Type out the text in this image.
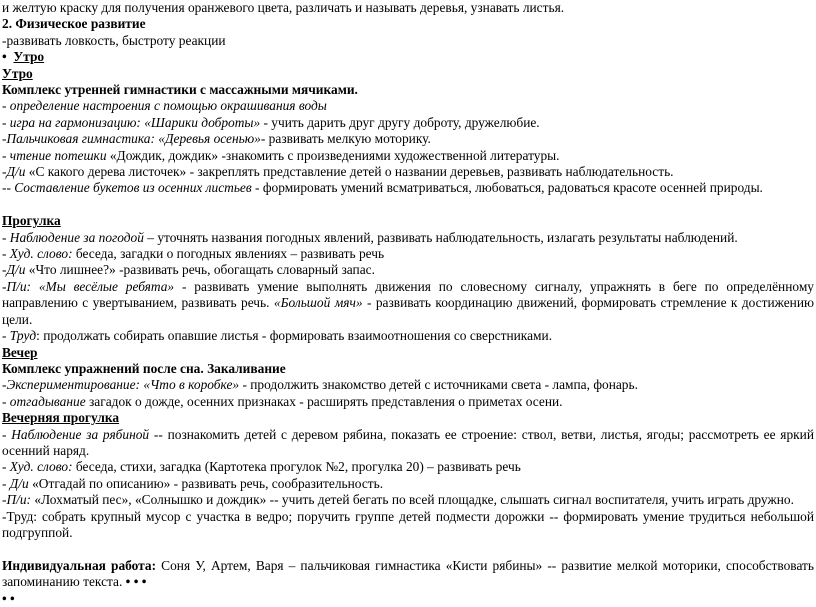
и желтую краску для получения оранжевого цвета, различать и называть деревья, узнавать листья.

2. Физическое развитие

-развивать ловкость, быстроту реакции

• Утро

Утро

Комплекс утренней гимнастики с массажными мячиками.

- определение настроения с помощью окрашивания воды

- игра на гармонизацию: «Шарики доброты» - учить дарить друг другу доброту, дружелюбие.

-Пальчиковая гимнастика: «Деревья осенью»- развивать мелкую моторику.

- чтение потешки «Дождик, дождик» -знакомить с произведениями художественной литературы.

-Д/и «С какого дерева листочек» - закреплять представление детей о названии деревьев, развивать наблюдательность.

-- Составление букетов из осенних листьев - формировать умений всматриваться, любоваться, радоваться красоте осенней природы.

Прогулка

- Наблюдение за погодой – уточнять названия погодных явлений, развивать наблюдательность, излагать результаты наблюдений.

- Худ. слово: беседа, загадки о погодных явлениях – развивать речь

-Д/и «Что лишнее?» -развивать речь, обогащать словарный запас.

-П/и: «Мы весёлые ребята» - развивать умение выполнять движения по словесному сигналу, упражнять в беге по определённому направлению с увертыванием, развивать речь. «Большой мяч» - развивать координацию движений, формировать стремление к достижению цели.

- Труд: продолжать собирать опавшие листья - формировать взаимоотношения со сверстниками.

Вечер

Комплекс упражнений после сна. Закаливание

-Экспериментирование: «Что в коробке» - продолжить знакомство детей с источниками света - лампа, фонарь.

- отгадывание загадок о дожде, осенних признаках - расширять представления о приметах осени.

Вечерняя прогулка

- Наблюдение за рябиной -- познакомить детей с деревом рябина, показать ее строение: ствол, ветви, листья, ягоды; рассмотреть ее яркий осенний наряд.

- Худ. слово: беседа, стихи, загадка (Картотека прогулок №2, прогулка 20) – развивать речь

- Д/и «Отгадай по описанию» - развивать речь, сообразительность.

-П/и: «Лохматый пес», «Солнышко и дождик» -- учить детей бегать по всей площадке, слышать сигнал воспитателя, учить играть дружно.

-Труд: собрать крупный мусор с участка в ведро; поручить группе детей подмести дорожки -- формировать умение трудиться небольшой подгруппой.

Индивидуальная работа: Соня У, Артем, Варя – пальчиковая гимнастика «Кисти рябины» -- развитие мелкой моторики, способствовать запоминанию текста. • • •

• •
